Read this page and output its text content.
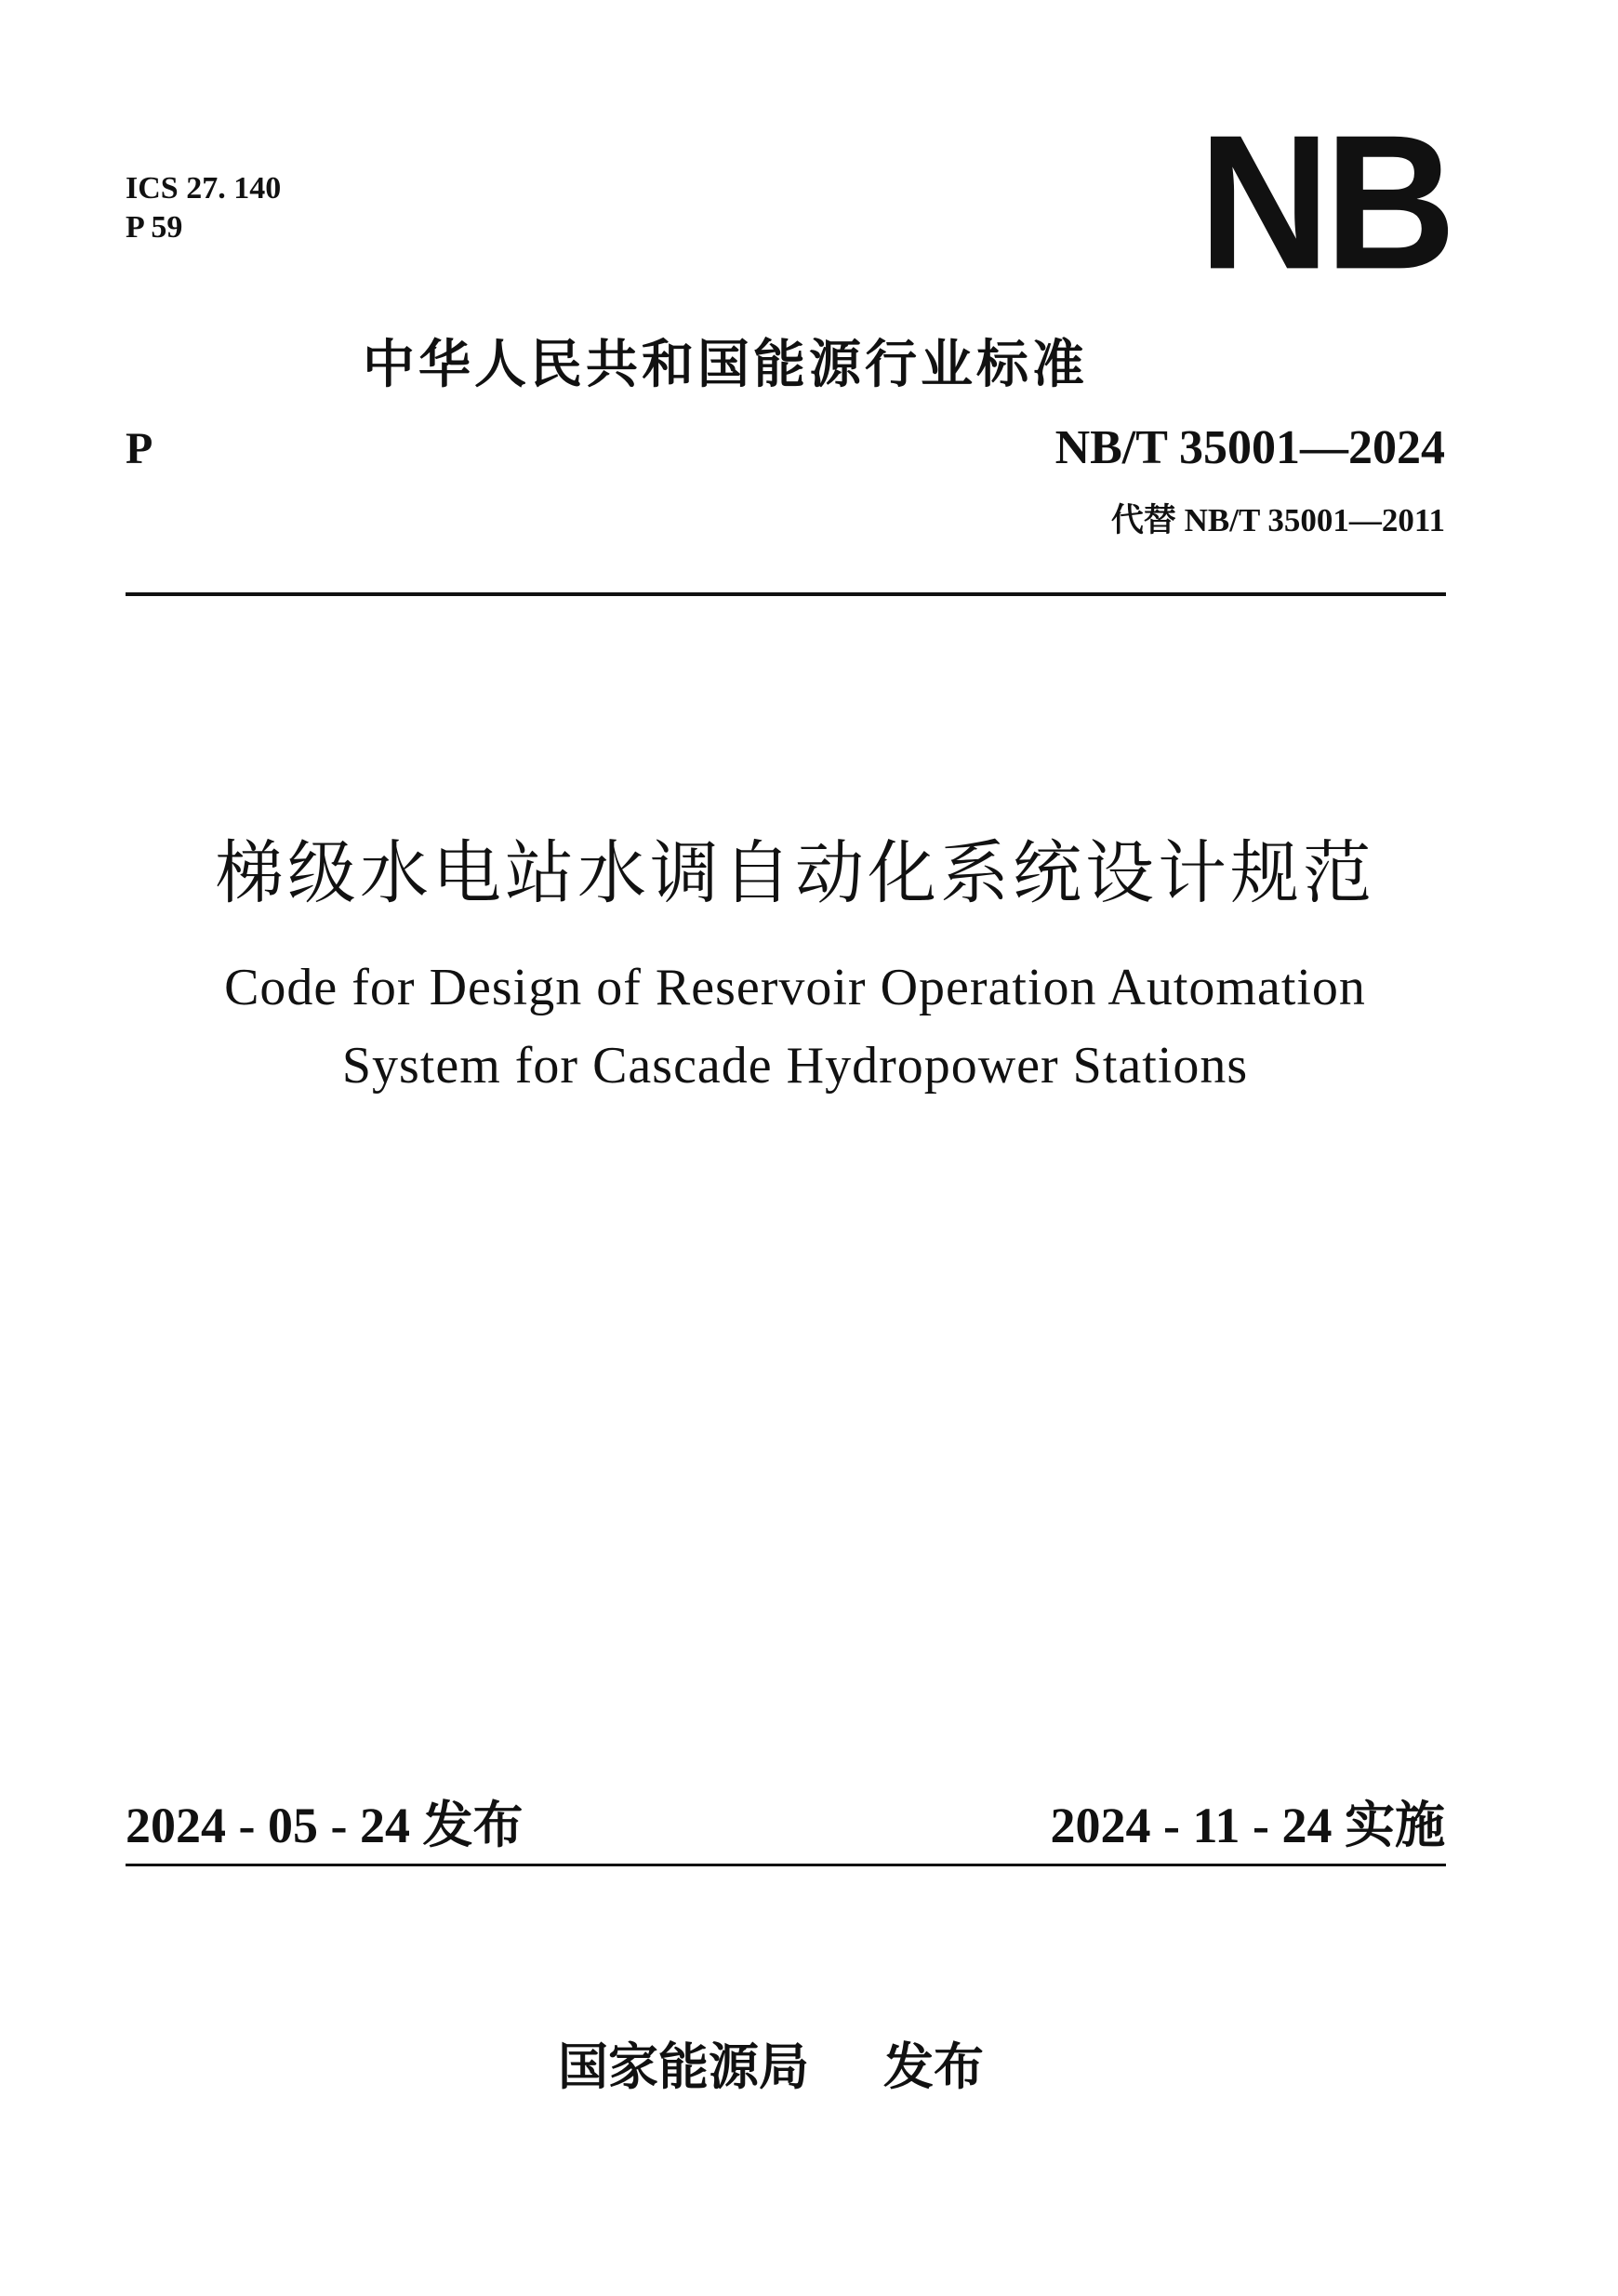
ICS 27. 140
P 59	NB
中华人民共和国能源行业标准
P	NB/T 35001—2024
代替 NB/T 35001—2011
梯级水电站水调自动化系统设计规范
Code for Design of Reservoir Operation Automation
System for Cascade Hydropower Stations
2024 - 05 - 24 发布	2024 - 11 - 24 实施
国家能源局 发布
